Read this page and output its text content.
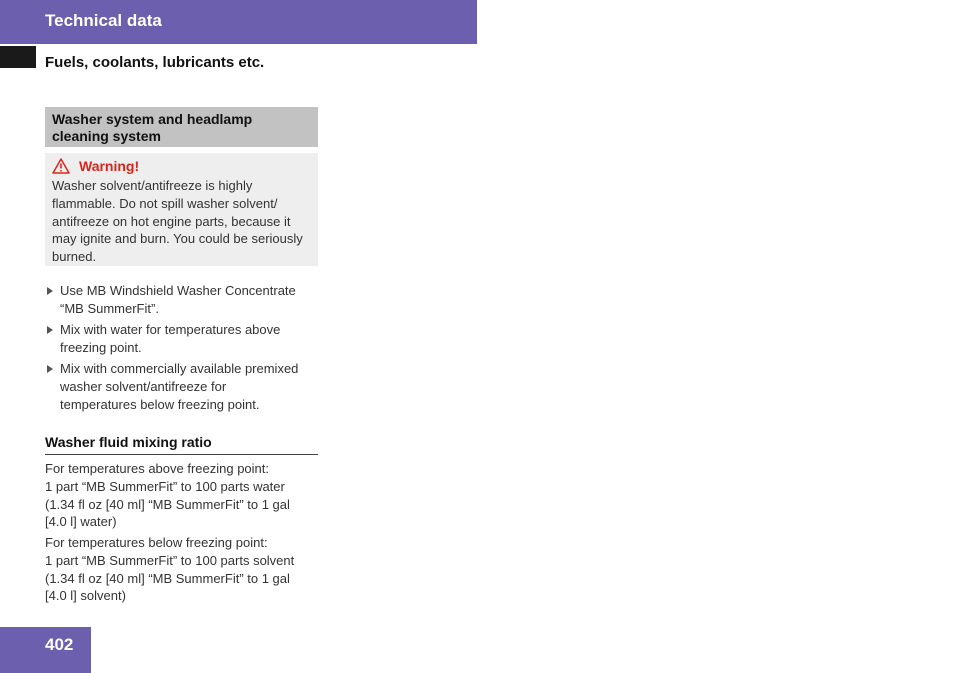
Technical data
Fuels, coolants, lubricants etc.
Washer system and headlamp
cleaning system
Warning!
Washer solvent/antifreeze is highly
flammable. Do not spill washer solvent/
antifreeze on hot engine parts, because it
may ignite and burn. You could be seriously
burned.
Use MB Windshield Washer Concentrate
“MB SummerFit”.
Mix with water for temperatures above
freezing point.
Mix with commercially available premixed
washer solvent/antifreeze for
temperatures below freezing point.
Washer fluid mixing ratio
For temperatures above freezing point:
1 part “MB SummerFit” to 100 parts water
(1.34 fl oz [40 ml] “MB SummerFit” to 1 gal
[4.0 l] water)
For temperatures below freezing point:
1 part “MB SummerFit” to 100 parts solvent
(1.34 fl oz [40 ml] “MB SummerFit” to 1 gal
[4.0 l] solvent)
402
